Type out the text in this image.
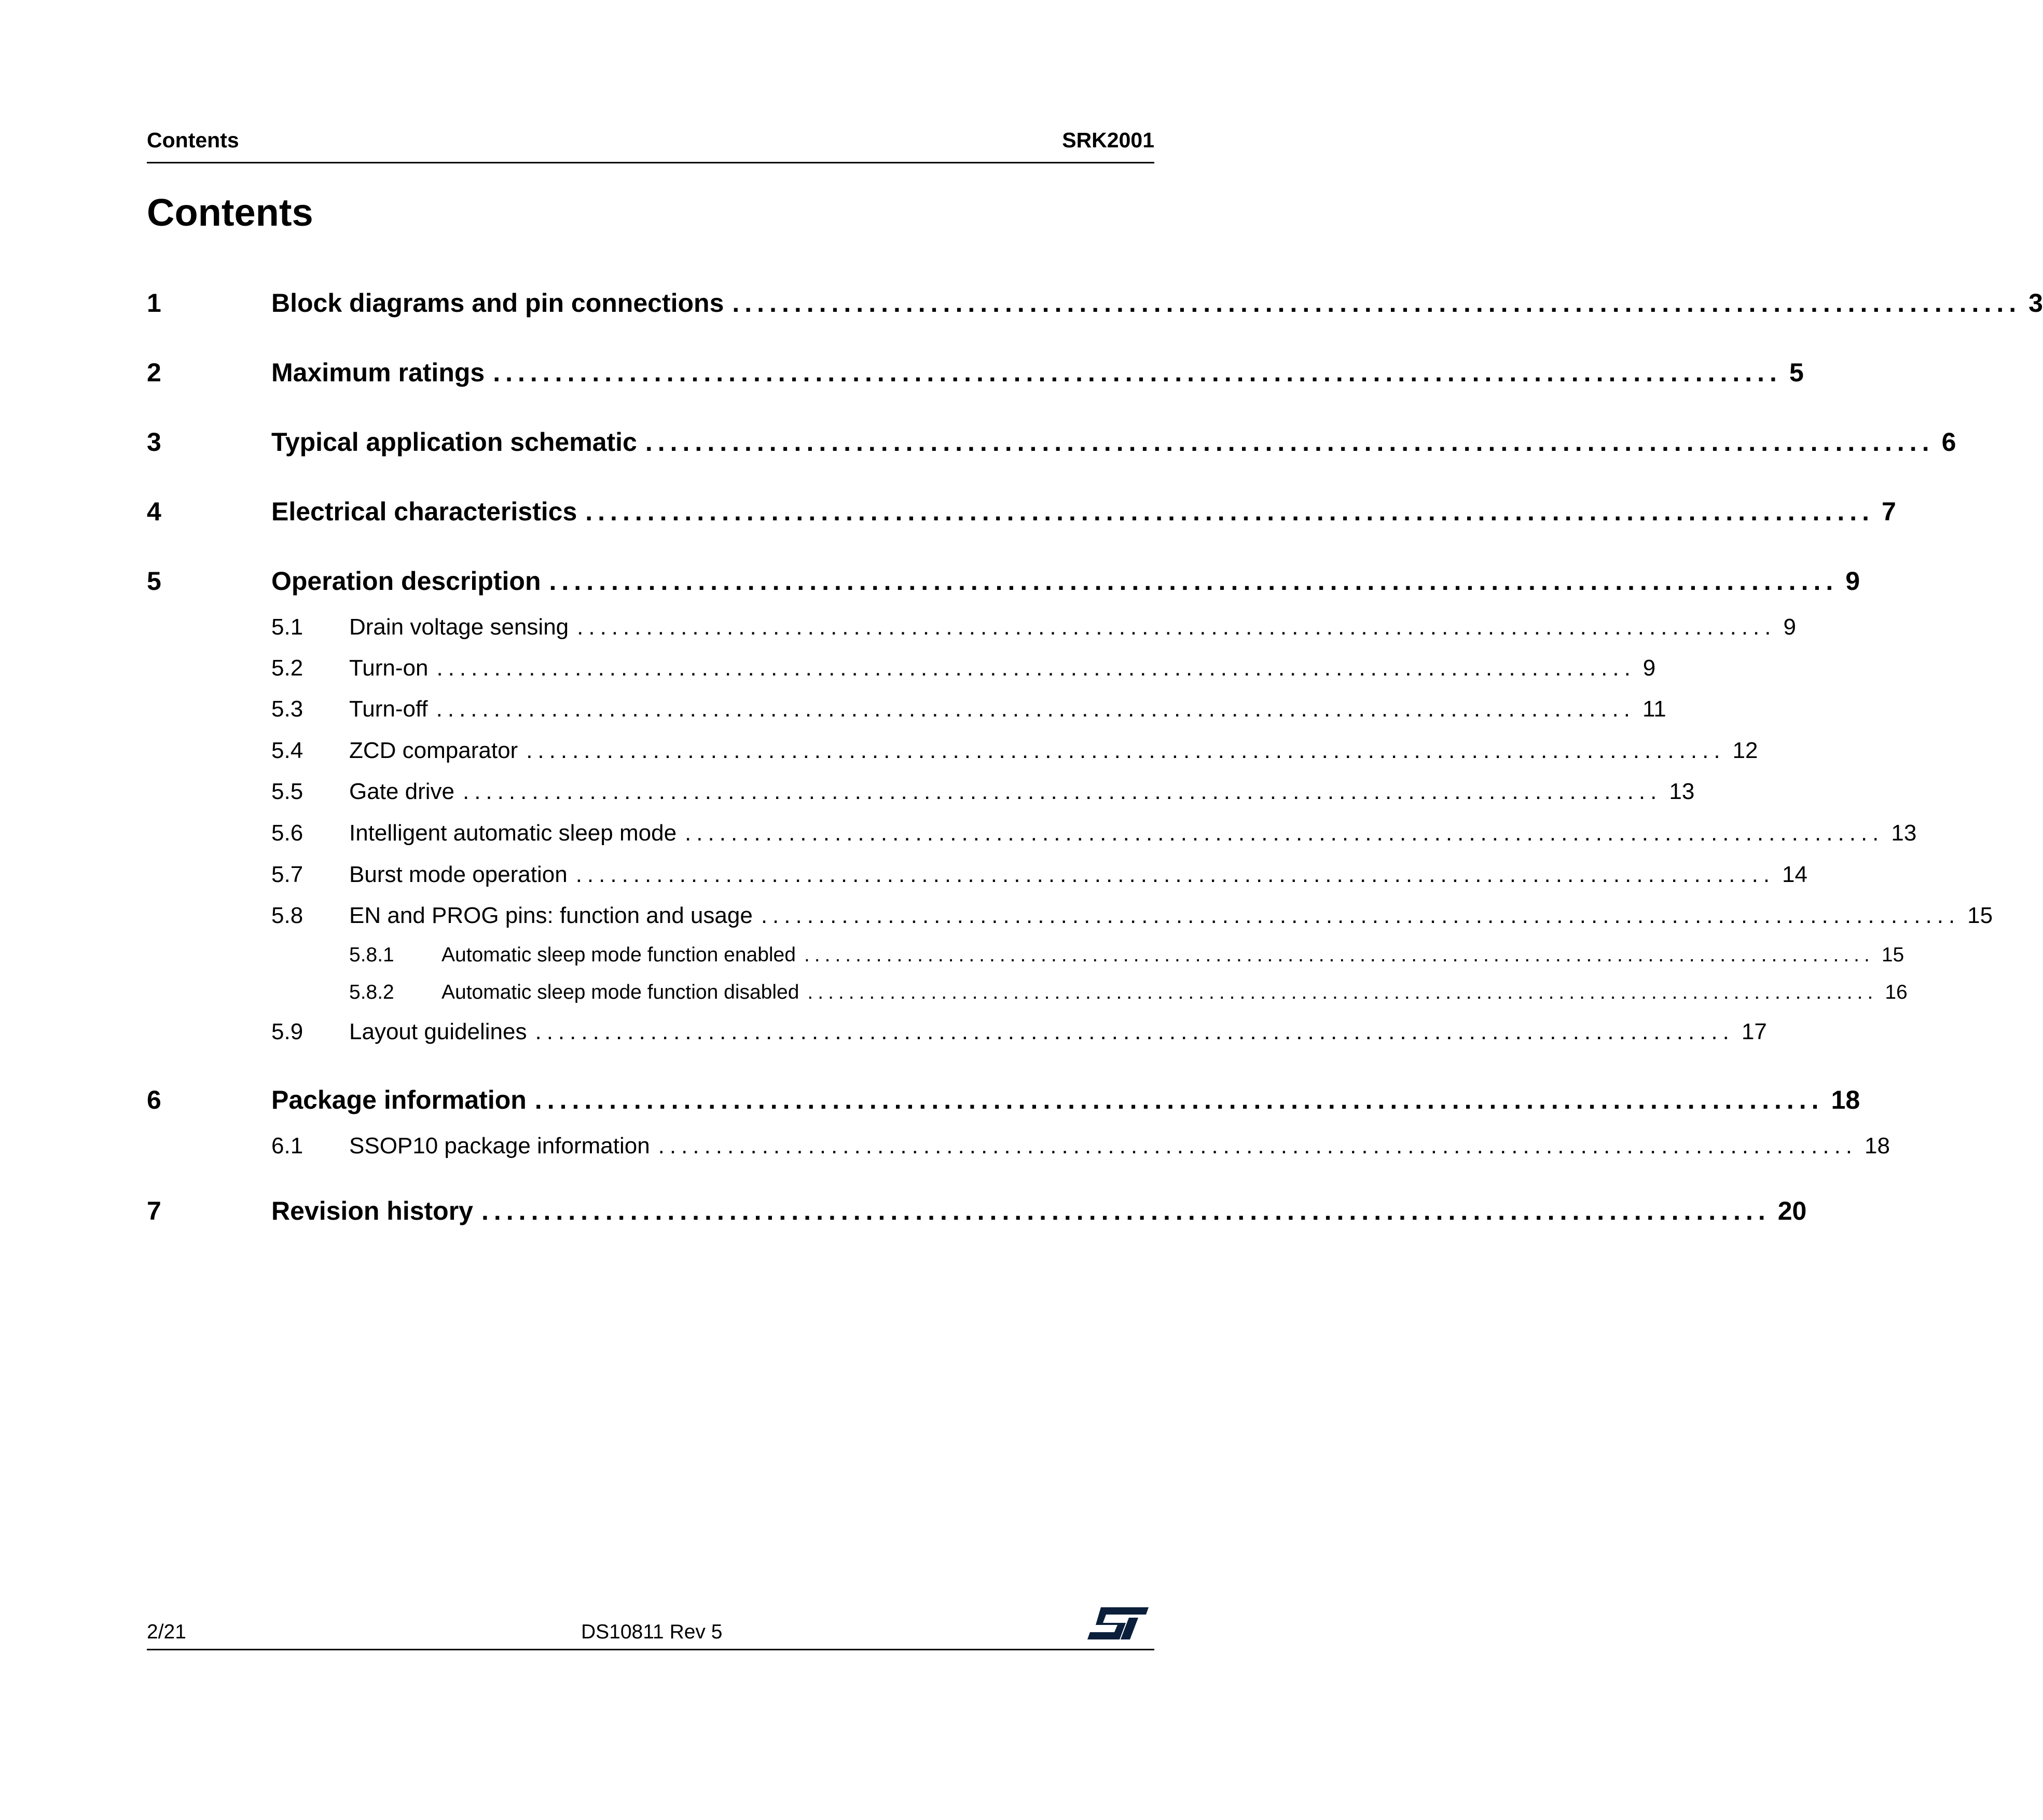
Contents	SRK2001
Contents
1	Block diagrams and pin connections ........................................................................................................ 3
2	Maximum ratings ........................................................................................................ 5
3	Typical application schematic ........................................................................................................ 6
4	Electrical characteristics ........................................................................................................ 7
5	Operation description ........................................................................................................ 9
5.1	Drain voltage sensing ........................................................................................................ 9
5.2	Turn-on ........................................................................................................ 9
5.3	Turn-off ........................................................................................................ 11
5.4	ZCD comparator ........................................................................................................ 12
5.5	Gate drive ........................................................................................................ 13
5.6	Intelligent automatic sleep mode ........................................................................................................ 13
5.7	Burst mode operation ........................................................................................................ 14
5.8	EN and PROG pins: function and usage ........................................................................................................ 15
5.8.1	Automatic sleep mode function enabled ........................................................................................................ 15
5.8.2	Automatic sleep mode function disabled ........................................................................................................ 16
5.9	Layout guidelines ........................................................................................................ 17
6	Package information ........................................................................................................ 18
6.1	SSOP10 package information ........................................................................................................ 18
7	Revision history ........................................................................................................ 20
2/21	DS10811 Rev 5
